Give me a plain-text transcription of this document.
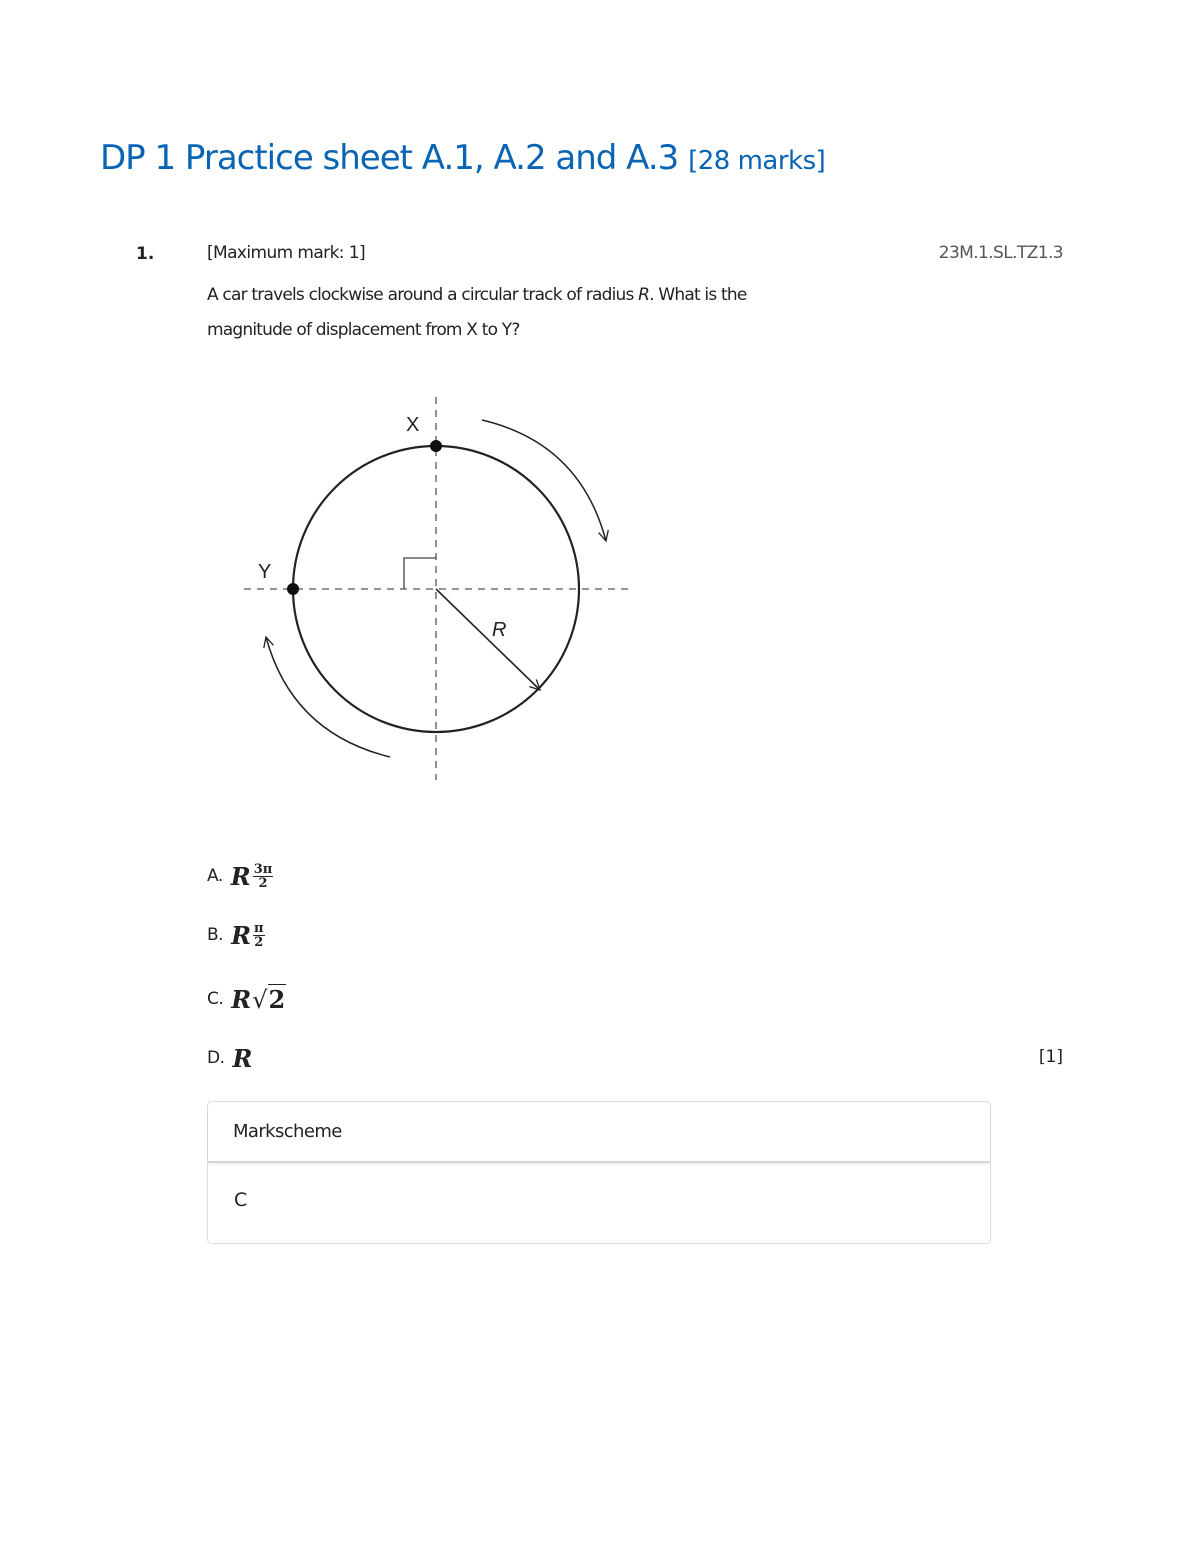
DP 1 Practice sheet A.1, A.2 and A.3 [28 marks]
1.	[Maximum mark: 1]	23M.1.SL.TZ1.3
A car travels clockwise around a circular track of radius R. What is the
magnitude of displacement from X to Y?
R
X
Y
A. R $\frac{3\pi}{2}$
B. R $\frac{\pi}{2}$
C. R √2
D. R	[1]
Markscheme
C
